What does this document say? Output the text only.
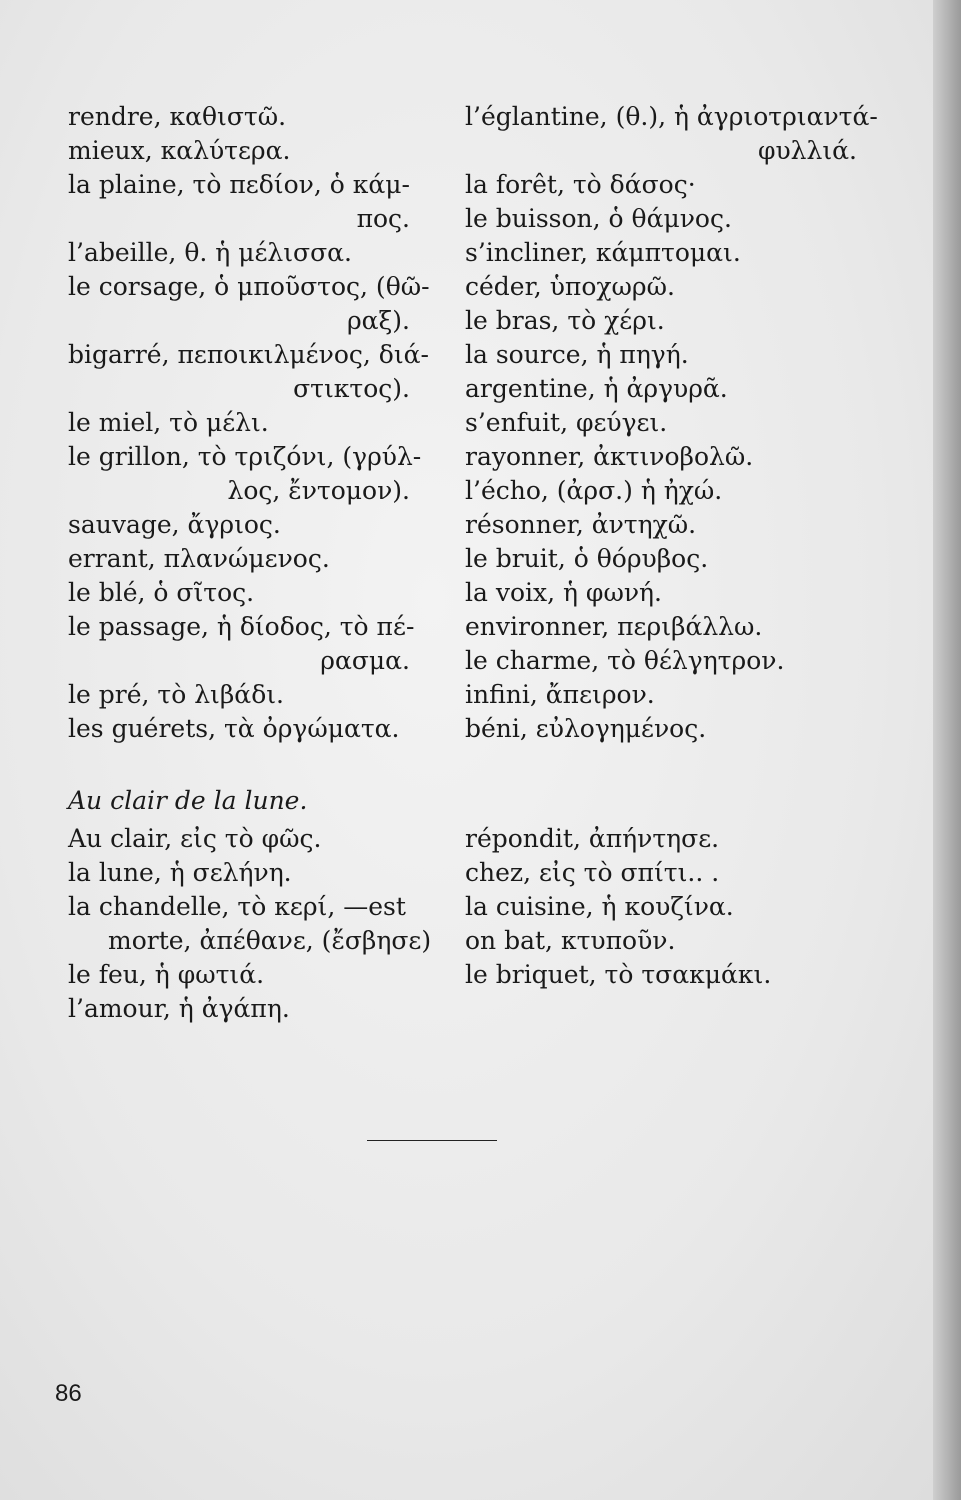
rendre, καθιστῶ.
mieux, καλύτερα.
la plaine, τὸ πεδίον, ὁ κάμ-
πος.
l’abeille, θ. ἡ μέλισσα.
le corsage, ὁ μποῦστος, (θῶ-
ραξ).
bigarré, πεποικιλμένος, διά-
στικτος).
le miel, τὸ μέλι.
le grillon, τὸ τριζόνι, (γρύλ-
λος, ἔντομον).
sauvage, ἄγριος.
errant, πλανώμενος.
le blé, ὁ σῖτος.
le passage, ἡ δίοδος, τὸ πέ-
ρασμα.
le pré, τὸ λιβάδι.
les guérets, τὰ ὀργώματα.
Au clair de la lune.
Au clair, εἰς τὸ φῶς.
la lune, ἡ σελήνη.
la chandelle, τὸ κερί, —est
morte, ἀπέθανε, (ἔσβησε)
le feu, ἡ φωτιά.
l’amour, ἡ ἀγάπη.
l’églantine, (θ.), ἡ ἀγριοτριαντά-
φυλλιά.
la forêt, τὸ δάσος·
le buisson, ὁ θάμνος.
s’incliner, κάμπτομαι.
céder, ὑποχωρῶ.
le bras, τὸ χέρι.
la source, ἡ πηγή.
argentine, ἡ ἀργυρᾶ.
s’enfuit, φεύγει.
rayonner, ἀκτινοβολῶ.
l’écho, (ἀρσ.) ἡ ἠχώ.
résonner, ἀντηχῶ.
le bruit, ὁ θόρυβος.
la voix, ἡ φωνή.
environner, περιβάλλω.
le charme, τὸ θέλγητρον.
infini, ἄπειρον.
béni, εὐλογημένος.
répondit, ἀπήντησε.
chez, εἰς τὸ σπίτι.. .
la cuisine, ἡ κουζίνα.
on bat, κτυποῦν.
le briquet, τὸ τσακμάκι.
86
